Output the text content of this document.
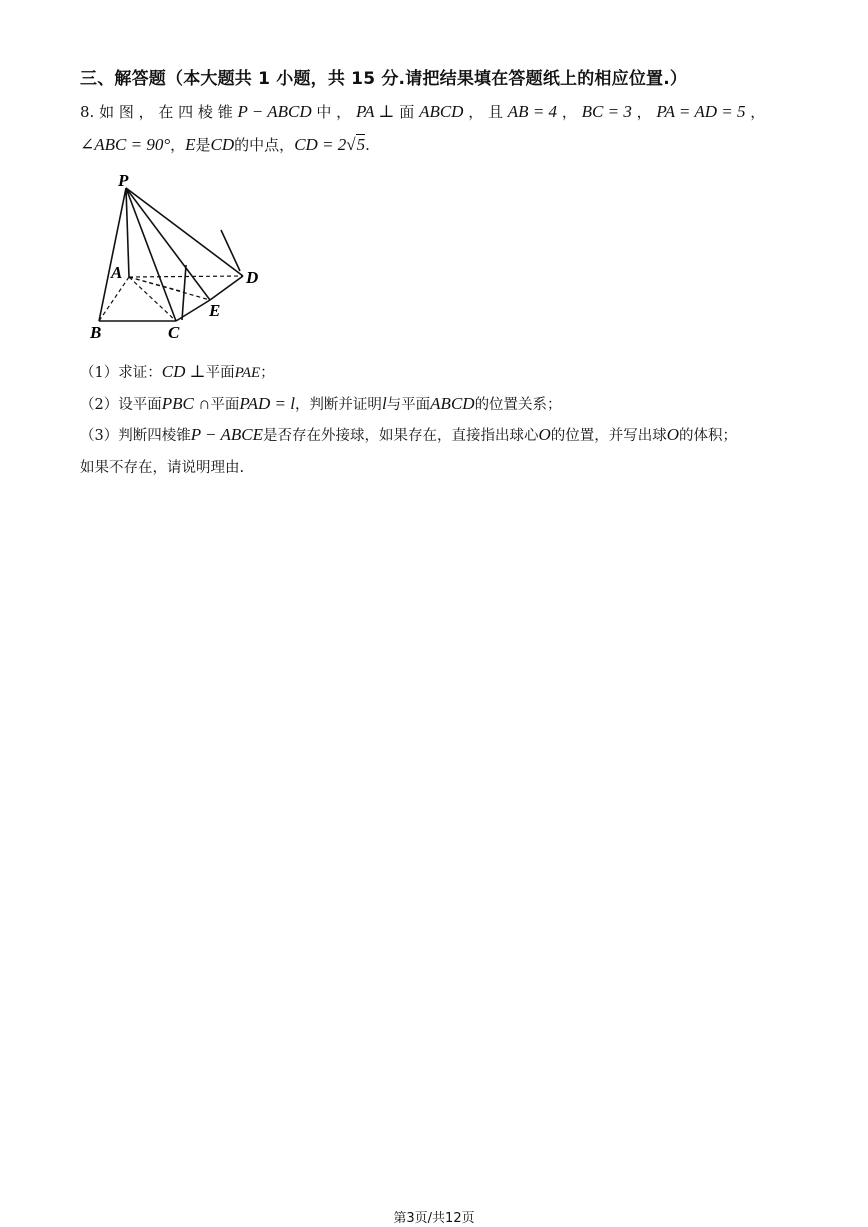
三、解答题（本大题共 1 小题，共 15 分.请把结果填在答题纸上的相应位置.）
8. 如 图 ， 在 四 棱 锥 P − ABCD 中 ， PA ⊥ 面 ABCD ， 且 AB = 4 ， BC = 3 ， PA = AD = 5 ，
∠ABC = 90°，E是CD的中点，CD = 2√5.
P
A
B	C
D
E
（1）求证：CD ⊥平面PAE；
（2）设平面PBC ∩平面PAD = l，判断并证明l与平面ABCD的位置关系；
（3）判断四棱锥P − ABCE是否存在外接球，如果存在，直接指出球心O的位置，并写出球O的体积；
如果不存在，请说明理由.
第3页/共12页
